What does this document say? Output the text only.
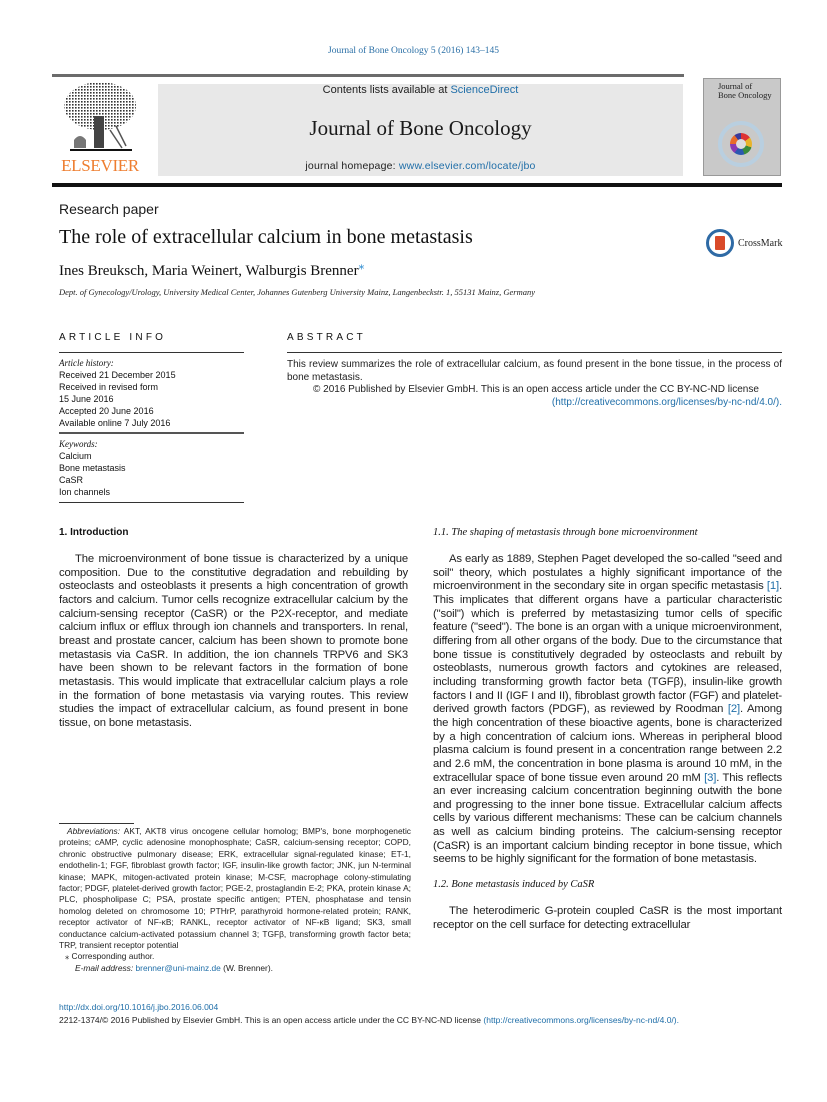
Journal of Bone Oncology 5 (2016) 143–145
ELSEVIER
Contents lists available at ScienceDirect
Journal of Bone Oncology
journal homepage: www.elsevier.com/locate/jbo
Journal of
Bone Oncology
Research paper
The role of extracellular calcium in bone metastasis
Ines Breuksch, Maria Weinert, Walburgis Brenner⁎
Dept. of Gynecology/Urology, University Medical Center, Johannes Gutenberg University Mainz, Langenbeckstr. 1, 55131 Mainz, Germany
CrossMark
ARTICLE INFO
Article history:
Received 21 December 2015
Received in revised form
15 June 2016
Accepted 20 June 2016
Available online 7 July 2016
Keywords:
Calcium
Bone metastasis
CaSR
Ion channels
ABSTRACT
This review summarizes the role of extracellular calcium, as found present in the bone tissue, in the process of bone metastasis.
© 2016 Published by Elsevier GmbH. This is an open access article under the CC BY-NC-ND license
(http://creativecommons.org/licenses/by-nc-nd/4.0/).
1. Introduction
The microenvironment of bone tissue is characterized by a unique composition. Due to the constitutive degradation and rebuilding by osteoclasts and osteoblasts it presents a high concentration of growth factors and calcium. Tumor cells recognize extracellular calcium by the calcium-sensing receptor (CaSR) or the P2X-receptor, and mediate calcium influx or efflux through ion channels and transporters. In renal, breast and prostate cancer, calcium has been shown to promote bone metastasis via CaSR. In addition, the ion channels TRPV6 and SK3 have been shown to be relevant factors in the formation of bone metastasis. This would implicate that extracellular calcium plays a role in the formation of bone metastasis via varying routes. This review studies the impact of extracellular calcium, as found present in bone tissue, on bone metastasis.
Abbreviations: AKT, AKT8 virus oncogene cellular homolog; BMP's, bone morphogenetic proteins; cAMP, cyclic adenosine monophosphate; CaSR, calcium-sensing receptor; COPD, chronic obstructive pulmonary disease; ERK, extracellular signal-regulated kinase; ET-1, endothelin-1; FGF, fibroblast growth factor; IGF, insulin-like growth factor; JNK, jun N-terminal kinase; MAPK, mitogen-activated protein kinase; M-CSF, macrophage colony-stimulating factor; PDGF, platelet-derived growth factor; PGE-2, prostaglandin E-2; PKA, protein kinase A; PLC, phospholipase C; PSA, prostate specific antigen; PTEN, phosphatase and tensin homolog deleted on chromosome 10; PTHrP, parathyroid hormone-related protein; RANK, receptor activator of NF-κB; RANKL, receptor activator of NF-κB ligand; SK3, small conductance calcium-activated potassium channel 3; TGFβ, transforming growth factor beta; TRP, transient receptor potential
⁎ Corresponding author.
E-mail address: brenner@uni-mainz.de (W. Brenner).
1.1. The shaping of metastasis through bone microenvironment
As early as 1889, Stephen Paget developed the so-called "seed and soil" theory, which postulates a highly significant importance of the microenvironment in the secondary site in organ specific metastasis [1]. This implicates that different organs have a particular characteristic ("soil") which is preferred by metastasizing tumor cells of specific feature ("seed"). The bone is an organ with a unique microenvironment, differing from all other organs of the body. Due to the circumstance that bone tissue is constitutively degraded by osteoclasts and rebuilt by osteoblasts, numerous growth factors and cytokines are released, including transforming growth factor beta (TGFβ), insulin-like growth factors I and II (IGF I and II), fibroblast growth factor (FGF) and platelet-derived growth factors (PDGF), as reviewed by Roodman [2]. Among the high concentration of these bioactive agents, bone is characterized by a high concentration of calcium ions. Whereas in peripheral blood plasma calcium is found present in a concentration range between 2.2 and 2.6 mM, the concentration in bone plasma is around 10 mM, in the extracellular space of bone tissue even around 20 mM [3]. This reflects an ever increasing calcium concentration beginning outwith the bone and progressing to the inner bone tissue. Extracellular calcium affects cells by various different mechanisms: These can be calcium channels as well as calcium binding proteins. The calcium-sensing receptor (CaSR) is an important calcium binding receptor in bone tissue, which seems to be highly significant for the formation of bone metastasis.
1.2. Bone metastasis induced by CaSR
The heterodimeric G-protein coupled CaSR is the most important receptor on the cell surface for detecting extracellular
http://dx.doi.org/10.1016/j.jbo.2016.06.004
2212-1374/© 2016 Published by Elsevier GmbH. This is an open access article under the CC BY-NC-ND license (http://creativecommons.org/licenses/by-nc-nd/4.0/).
